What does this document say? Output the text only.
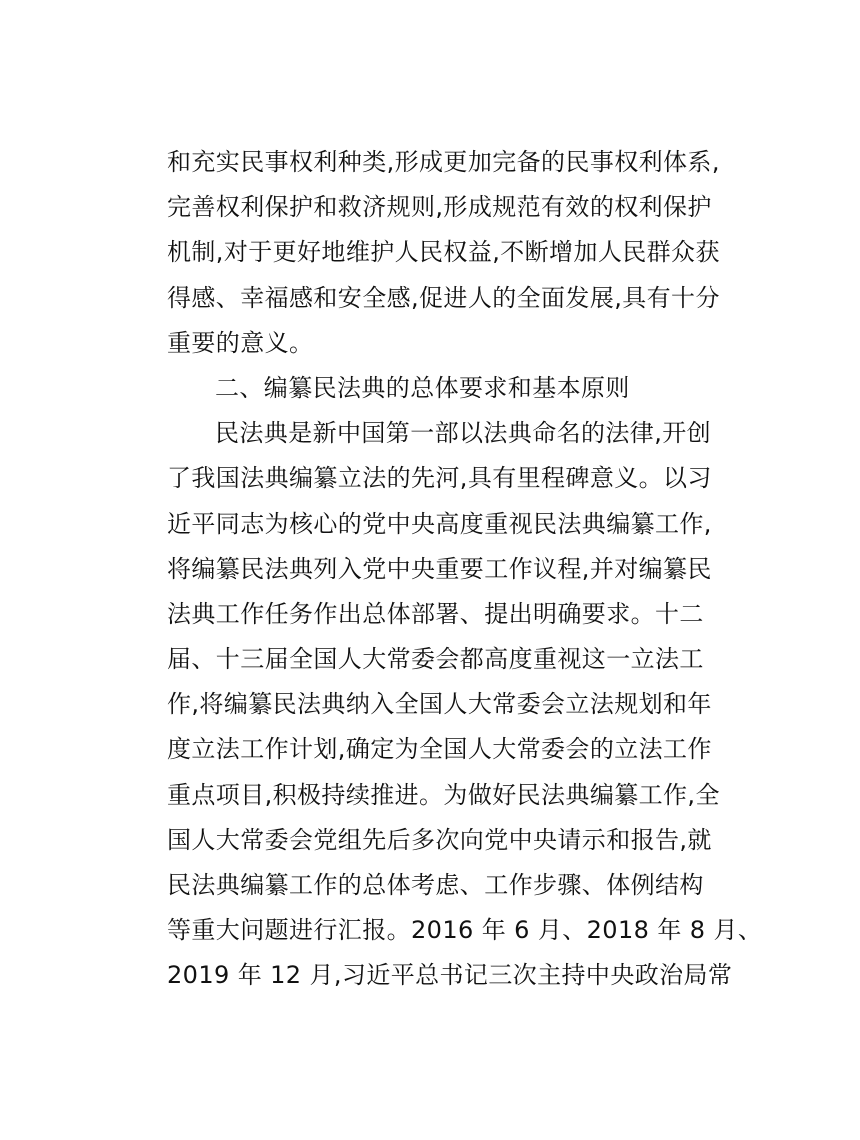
和充实民事权利种类,形成更加完备的民事权利体系,
完善权利保护和救济规则,形成规范有效的权利保护
机制,对于更好地维护人民权益,不断增加人民群众获
得感、幸福感和安全感,促进人的全面发展,具有十分
重要的意义。
二、编纂民法典的总体要求和基本原则
民法典是新中国第一部以法典命名的法律,开创
了我国法典编纂立法的先河,具有里程碑意义。以习
近平同志为核心的党中央高度重视民法典编纂工作,
将编纂民法典列入党中央重要工作议程,并对编纂民
法典工作任务作出总体部署、提出明确要求。十二
届、十三届全国人大常委会都高度重视这一立法工
作,将编纂民法典纳入全国人大常委会立法规划和年
度立法工作计划,确定为全国人大常委会的立法工作
重点项目,积极持续推进。为做好民法典编纂工作,全
国人大常委会党组先后多次向党中央请示和报告,就
民法典编纂工作的总体考虑、工作步骤、体例结构
等重大问题进行汇报。2016 年 6 月、2018 年 8 月、
2019 年 12 月,习近平总书记三次主持中央政治局常
